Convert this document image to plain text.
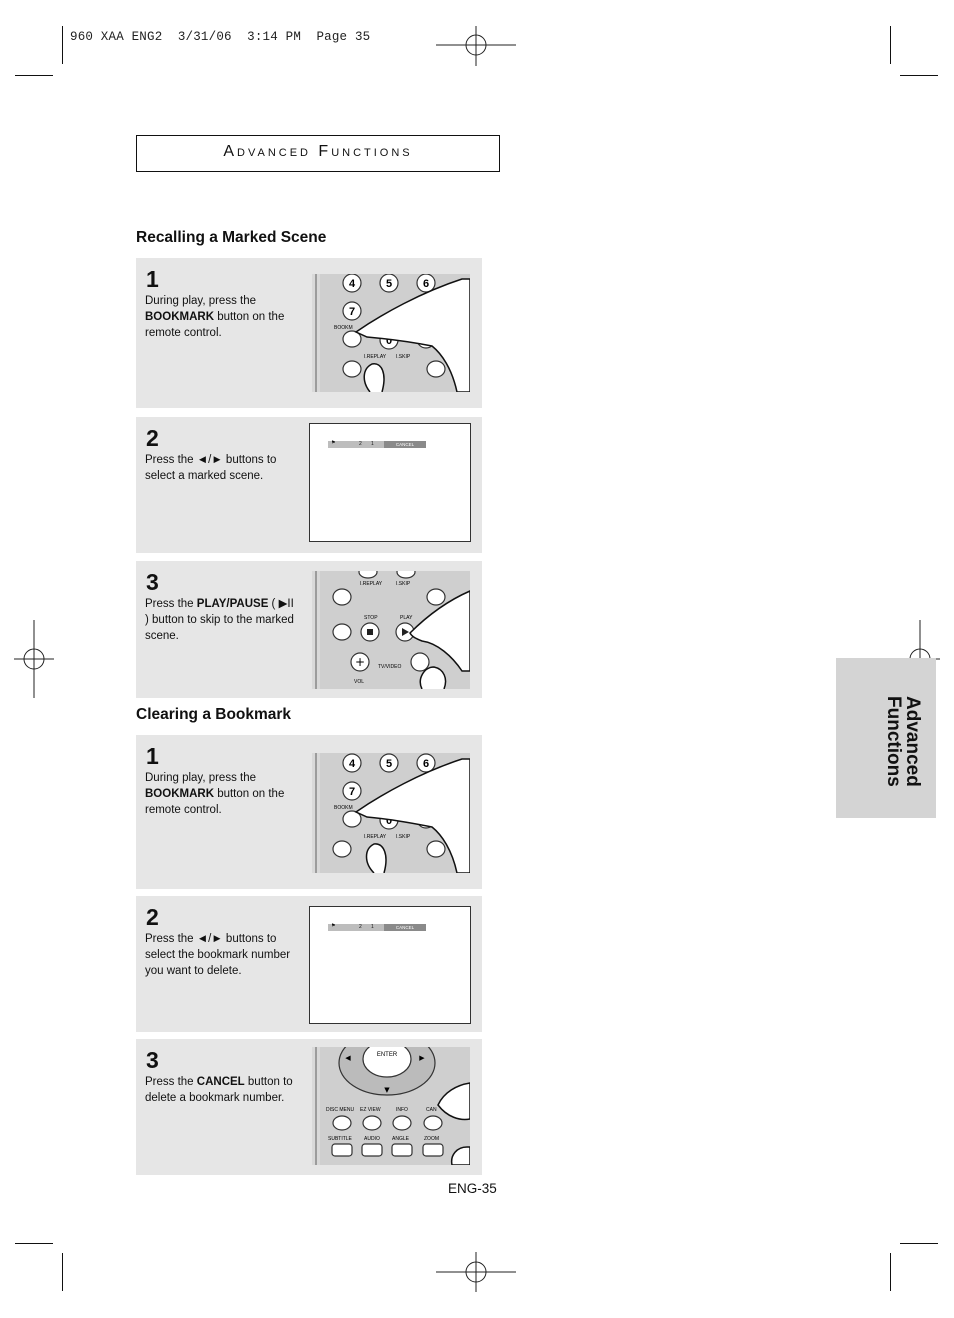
960 XAA ENG2  3/31/06  3:14 PM  Page 35
Advanced Functions
Advanced
Functions
Recalling a Marked Scene
1
During play, press the BOOKMARK button on the remote control.
4	5	6
7
0
BOOKM
I.REPLAY I.SKIP
2
Press the ◄/► buttons to select a marked scene.
⚑	2 1	CANCEL
3
Press the PLAY/PAUSE ( ▶II ) button to skip to the marked scene.
I.REPLAY	I.SKIP
STOP	PLAY
TV/VIDEO
VOL
+
Clearing a Bookmark
1
During play, press the BOOKMARK button on the remote control.
4	5	6
7
0
BOOKM
I.REPLAY I.SKIP
2
Press the ◄/► buttons to select the bookmark number you want to delete.
⚑	2 1	CANCEL
3
Press the CANCEL button to delete a bookmark number.
ENTER
◀	▶
▼
DISC MENU EZ VIEW	INFO	CAN
SUBTITLE AUDIO ANGLE	ZOOM
ENG-35
